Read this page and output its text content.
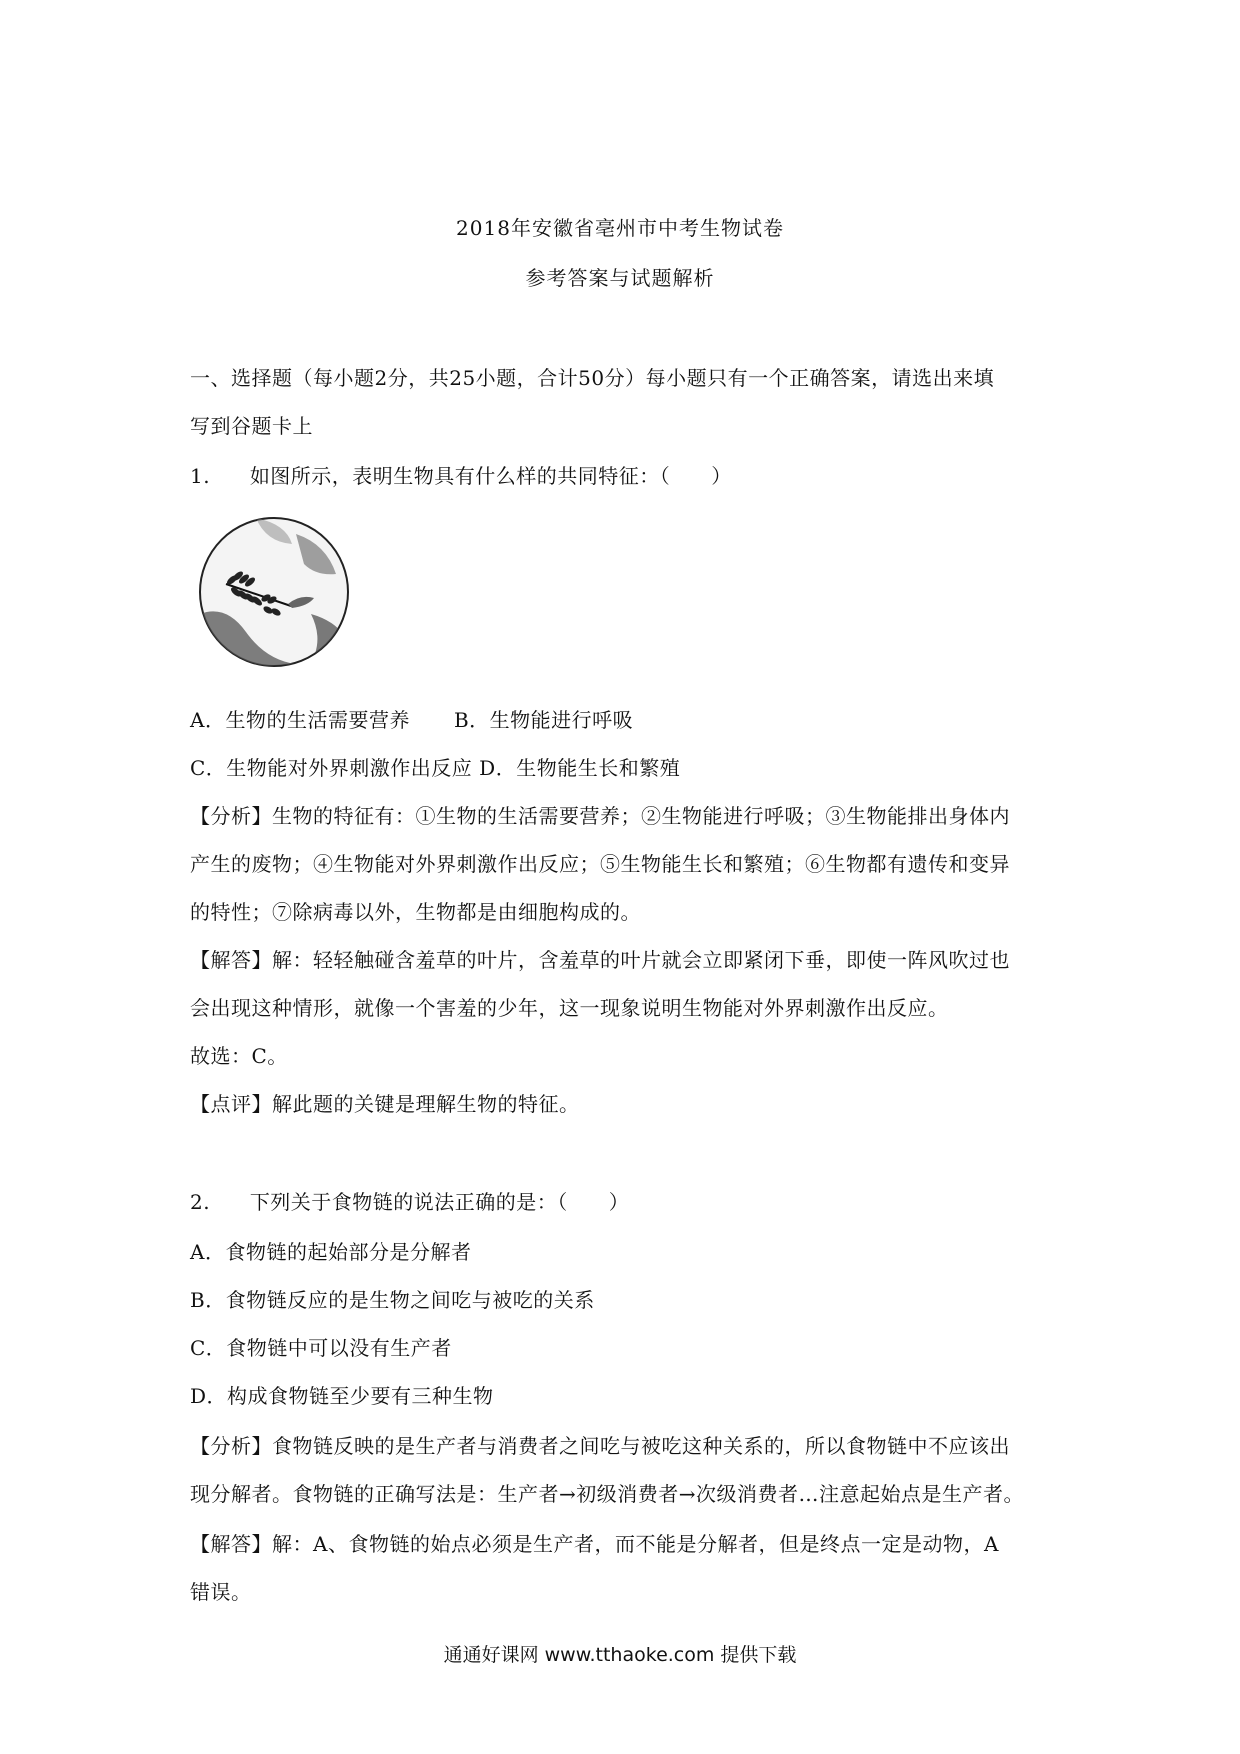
2018年安徽省亳州市中考生物试卷
参考答案与试题解析
一、选择题（每小题2分，共25小题，合计50分）每小题只有一个正确答案，请选出来填
写到谷题卡上
1. 如图所示，表明生物具有什么样的共同特征：（　　）
A．生物的生活需要营养 B．生物能进行呼吸
C．生物能对外界刺激作出反应 D．生物能生长和繁殖
【分析】生物的特征有：①生物的生活需要营养；②生物能进行呼吸；③生物能排出身体内
产生的废物；④生物能对外界刺激作出反应；⑤生物能生长和繁殖；⑥生物都有遗传和变异
的特性；⑦除病毒以外，生物都是由细胞构成的。
【解答】解：轻轻触碰含羞草的叶片，含羞草的叶片就会立即紧闭下垂，即使一阵风吹过也
会出现这种情形，就像一个害羞的少年，这一现象说明生物能对外界刺激作出反应。
故选：C。
【点评】解此题的关键是理解生物的特征。
2. 下列关于食物链的说法正确的是：（　　）
A．食物链的起始部分是分解者
B．食物链反应的是生物之间吃与被吃的关系
C．食物链中可以没有生产者
D．构成食物链至少要有三种生物
【分析】食物链反映的是生产者与消费者之间吃与被吃这种关系的，所以食物链中不应该出
现分解者。食物链的正确写法是：生产者→初级消费者→次级消费者…注意起始点是生产者。
【解答】解：A、食物链的始点必须是生产者，而不能是分解者，但是终点一定是动物，A
错误。
通通好课网 www.tthaoke.com 提供下载
